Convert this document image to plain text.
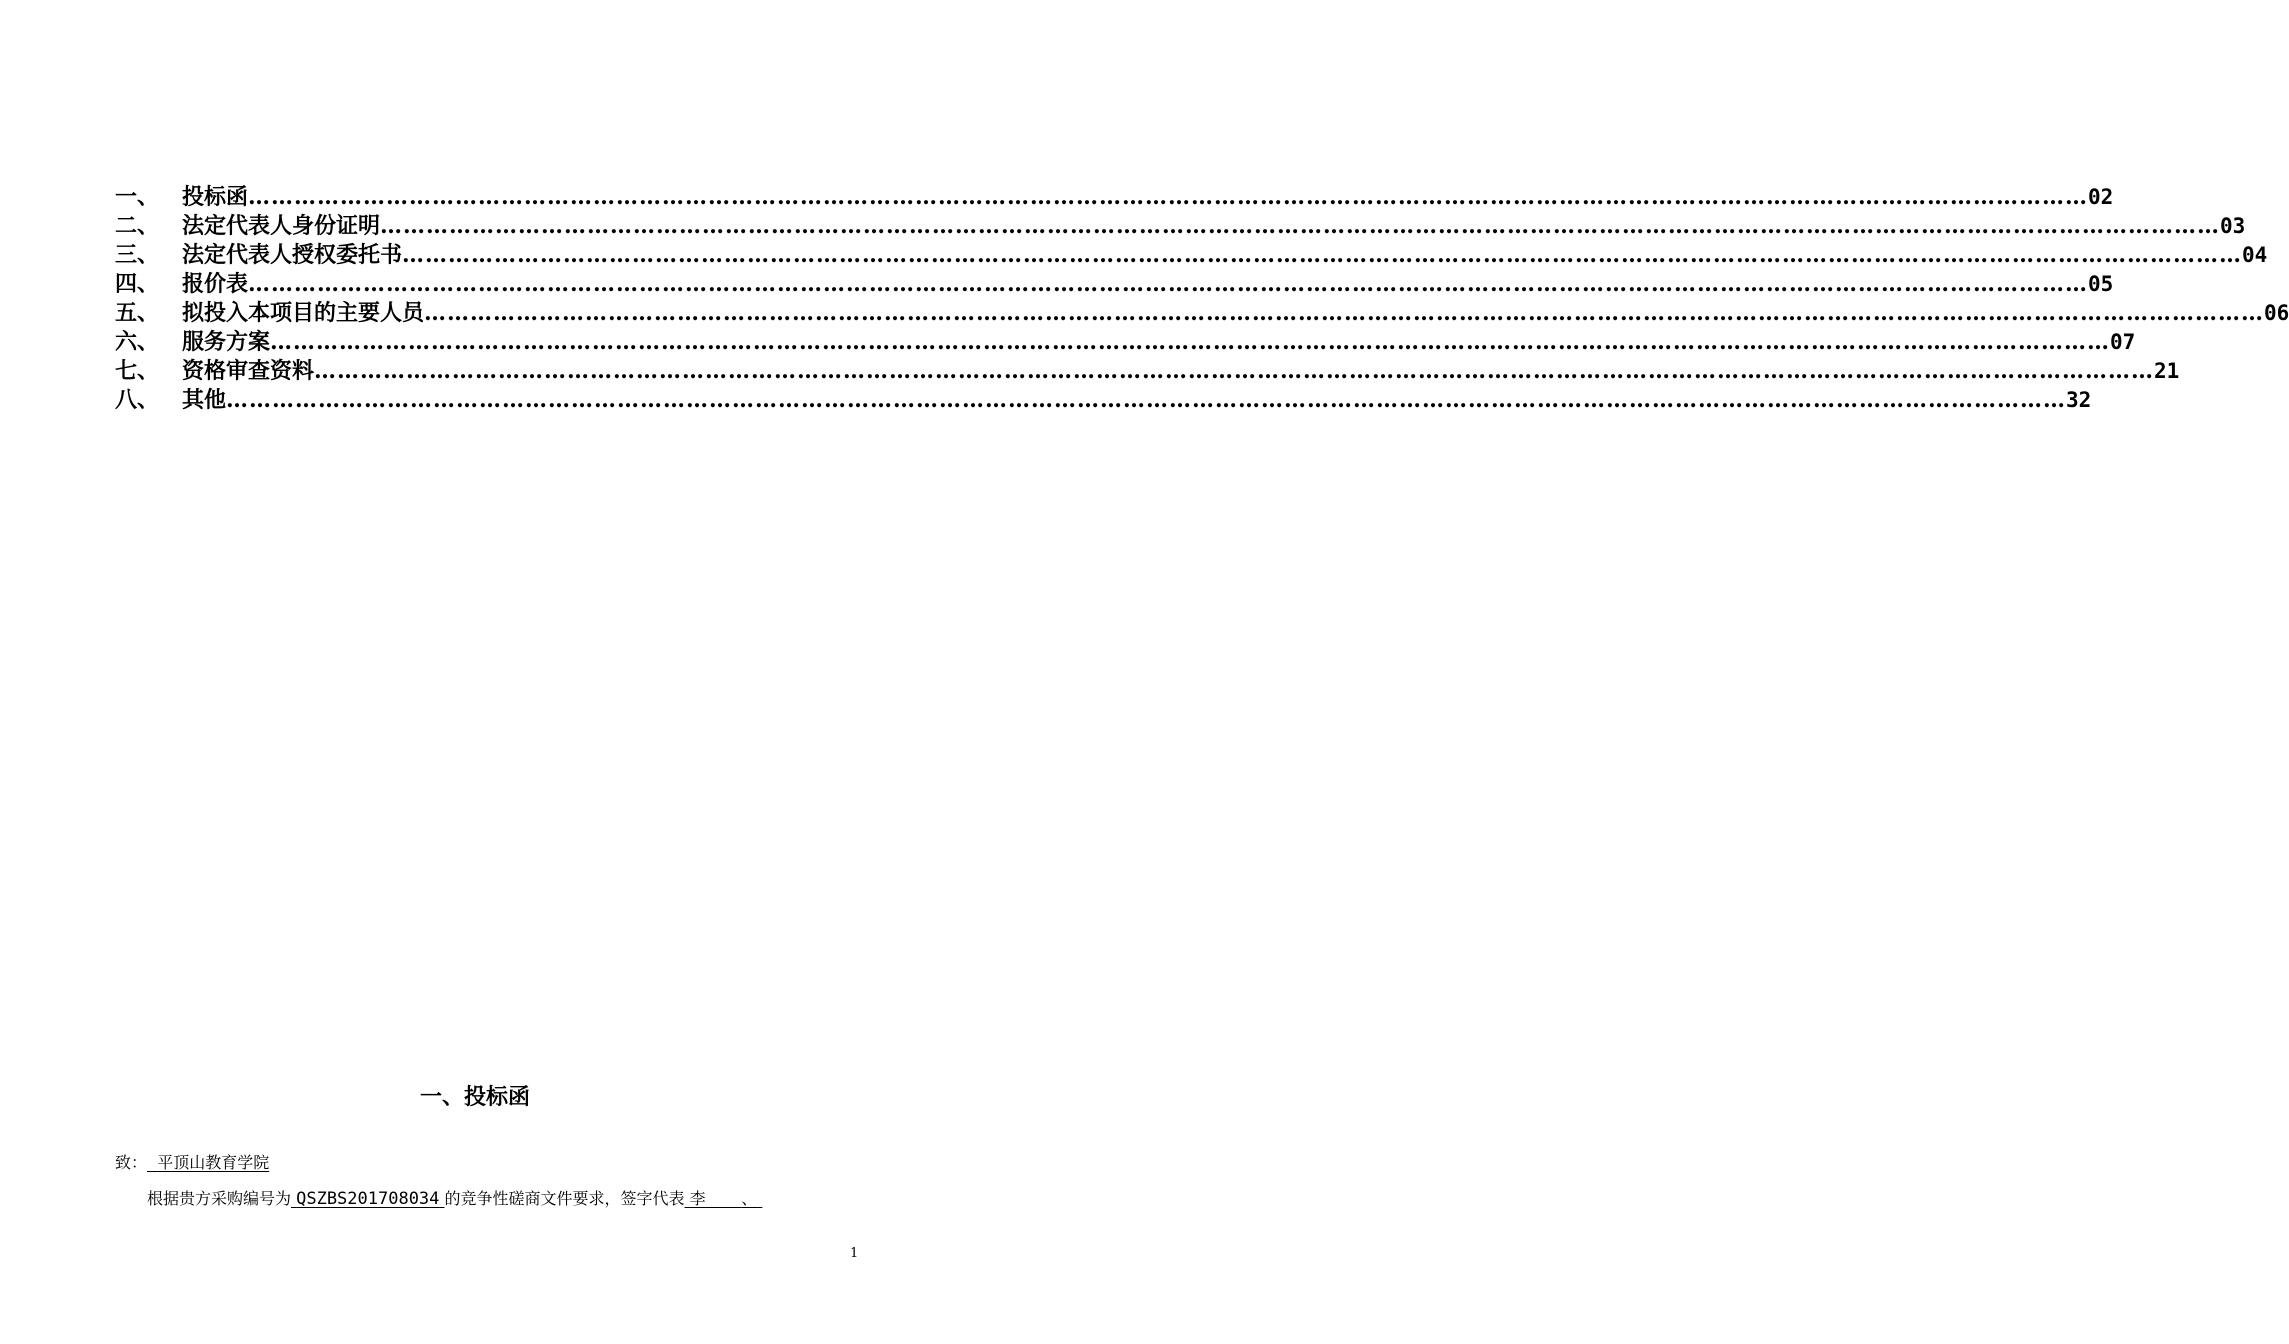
一、	投标函 …………………………………………………………………………………………………………………………………………………………………………………………………………………… 02
二、	法定代表人身份证明 …………………………………………………………………………………………………………………………………………………………………………………………………………………… 03
三、	法定代表人授权委托书 …………………………………………………………………………………………………………………………………………………………………………………………………………………… 04
四、	报价表 …………………………………………………………………………………………………………………………………………………………………………………………………………………… 05
五、	拟投入本项目的主要人员 …………………………………………………………………………………………………………………………………………………………………………………………………………………… 06
六、	服务方案 …………………………………………………………………………………………………………………………………………………………………………………………………………………… 07
七、	资格审查资料 …………………………………………………………………………………………………………………………………………………………………………………………………………………… 21
八、	其他 …………………………………………………………………………………………………………………………………………………………………………………………………………………… 32
一、投标函
致： 平顶山教育学院
根据贵方采购编号为 QSZBS201708034 的竞争性磋商文件要求，签字代表 李 、
1
